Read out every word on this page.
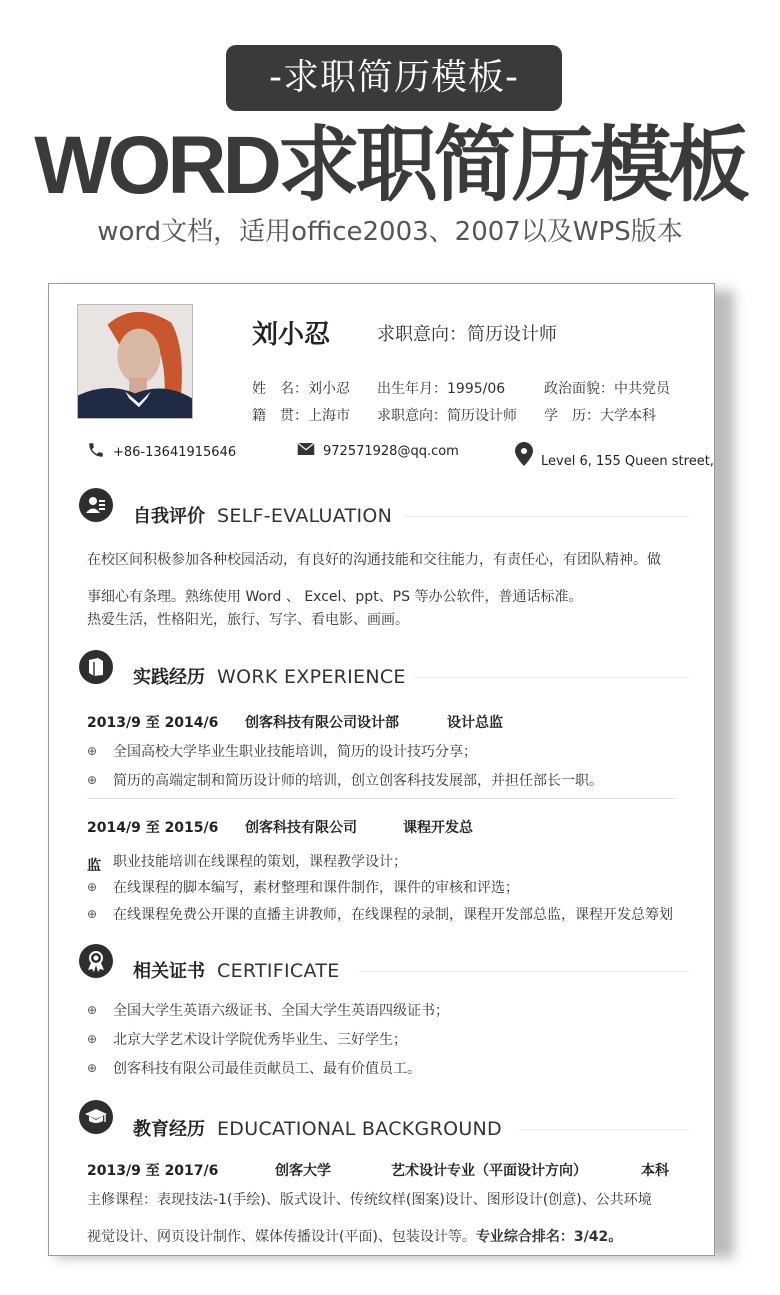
-求职简历模板-
WORD求职简历模板
word文档，适用office2003、2007以及WPS版本
刘小忍	求职意向：简历设计师
姓　名：刘小忍 出生年月：1995/06	政治面貌：中共党员
籍　贯：上海市 求职意向：简历设计师 学　历：大学本科
+86-13641915646	972571928@qq.com
Level 6, 155 Queen street,
自我评价 SELF-EVALUATION
在校区间积极参加各种校园活动，有良好的沟通技能和交往能力，有责任心，有团队精神。做
事细心有条理。熟练使用 Word 、 Excel、ppt、PS 等办公软件，普通话标准。
热爱生活，性格阳光，旅行、写字、看电影、画画。
实践经历 WORK EXPERIENCE
2013/9 至 2014/6 创客科技有限公司设计部	设计总监
⊕	全国高校大学毕业生职业技能培训，简历的设计技巧分享；
⊕	简历的高端定制和简历设计师的培训，创立创客科技发展部，并担任部长一职。
2014/9 至 2015/6 创客科技有限公司	课程开发总
监 职业技能培训在线课程的策划，课程教学设计；
⊕	在线课程的脚本编写，素材整理和课件制作，课件的审核和评选；
⊕	在线课程免费公开课的直播主讲教师，在线课程的录制，课程开发部总监，课程开发总筹划
相关证书 CERTIFICATE
⊕	全国大学生英语六级证书、全国大学生英语四级证书；
⊕	北京大学艺术设计学院优秀毕业生、三好学生；
⊕	创客科技有限公司最佳贡献员工、最有价值员工。
教育经历 EDUCATIONAL BACKGROUND
2013/9 至 2017/6	创客大学	艺术设计专业（平面设计方向）	本科
主修课程：表现技法-1(手绘)、版式设计、传统纹样(图案)设计、图形设计(创意)、公共环境
视觉设计、网页设计制作、媒体传播设计(平面)、包装设计等。专业综合排名：3/42。
